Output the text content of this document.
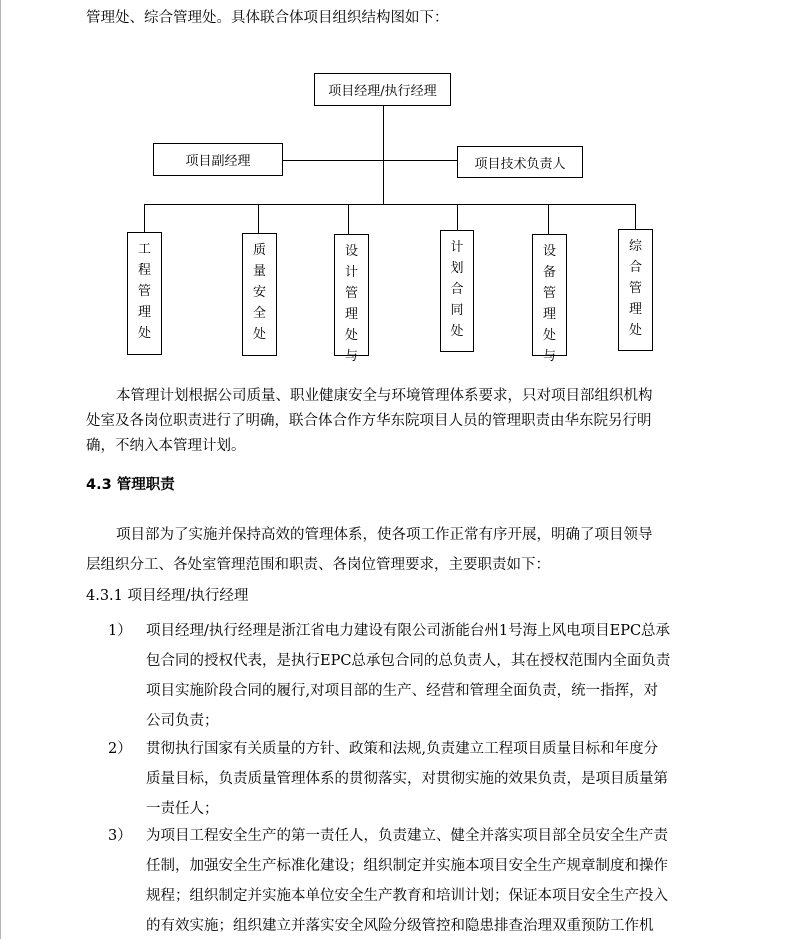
管理处、综合管理处。具体联合体项目组织结构图如下：
项目经理/执行经理
项目副经理	项目技术负责人
工
程
管
理
处
质
量
安
全
处
设
计
管
理
处
与
计
划
合
同
处
设
备
管
理
处
与
综
合
管
理
处
本管理计划根据公司质量、职业健康安全与环境管理体系要求，只对项目部组织机构
处室及各岗位职责进行了明确，联合体合作方华东院项目人员的管理职责由华东院另行明
确，不纳入本管理计划。
4.3 管理职责
项目部为了实施并保持高效的管理体系，使各项工作正常有序开展，明确了项目领导
层组织分工、各处室管理范围和职责、各岗位管理要求，主要职责如下：
4.3.1 项目经理/执行经理
1） 项目经理/执行经理是浙江省电力建设有限公司浙能台州1号海上风电项目EPC总承
包合同的授权代表，是执行EPC总承包合同的总负责人，其在授权范围内全面负责
项目实施阶段合同的履行,对项目部的生产、经营和管理全面负责，统一指挥，对
公司负责；
2） 贯彻执行国家有关质量的方针、政策和法规,负责建立工程项目质量目标和年度分
质量目标，负责质量管理体系的贯彻落实，对贯彻实施的效果负责，是项目质量第
一责任人；
3） 为项目工程安全生产的第一责任人，负责建立、健全并落实项目部全员安全生产责
任制，加强安全生产标准化建设；组织制定并实施本项目安全生产规章制度和操作
规程；组织制定并实施本单位安全生产教育和培训计划；保证本项目安全生产投入
的有效实施；组织建立并落实安全风险分级管控和隐患排查治理双重预防工作机
